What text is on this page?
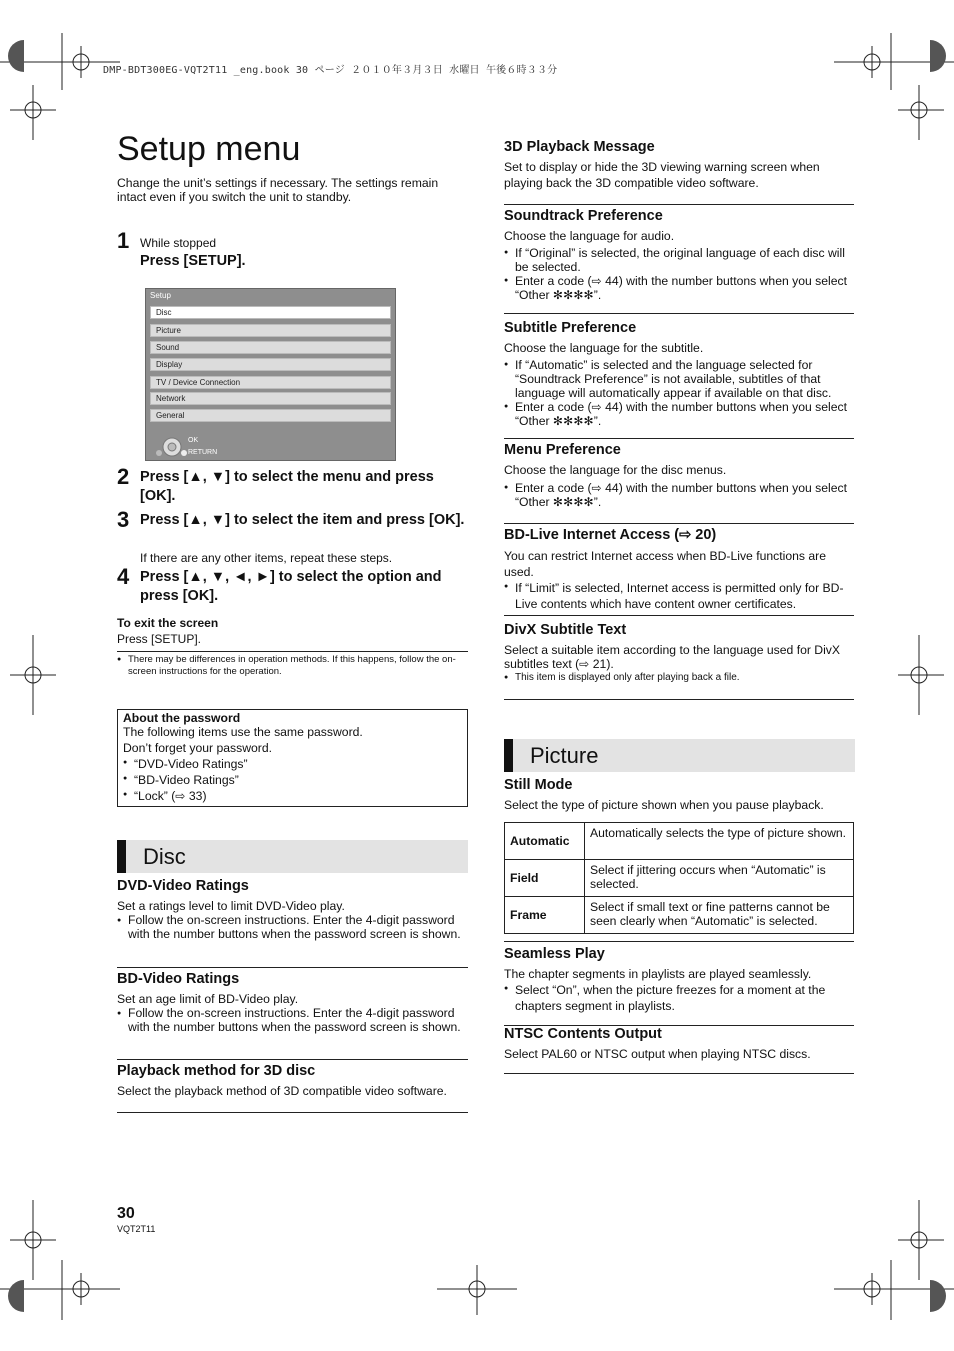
DMP-BDT300EG-VQT2T11 _eng.book 30 ページ ２０１０年３月３日 水曜日 午後６時３３分
Setup menu
Change the unit’s settings if necessary. The settings remain intact even if you switch the unit to standby.
1 While stopped
Press [SETUP].
Setup
Disc
Picture
Sound
Display
TV / Device Connection
Network
General
OK
RETURN
2 Press [▲, ▼] to select the menu and press [OK].
3 Press [▲, ▼] to select the item and press [OK].
If there are any other items, repeat these steps.
4 Press [▲, ▼, ◄, ►] to select the option and press [OK].
To exit the screen
Press [SETUP].
● There may be differences in operation methods. If this happens, follow the on-screen instructions for the operation.
About the password
The following items use the same password.
Don’t forget your password.
● “DVD-Video Ratings”
● “BD-Video Ratings”
● “Lock” (⇨ 33)
Disc
DVD-Video Ratings
Set a ratings level to limit DVD-Video play.
● Follow the on-screen instructions. Enter the 4-digit password with the number buttons when the password screen is shown.
BD-Video Ratings
Set an age limit of BD-Video play.
● Follow the on-screen instructions. Enter the 4-digit password with the number buttons when the password screen is shown.
Playback method for 3D disc
Select the playback method of 3D compatible video software.
3D Playback Message
Set to display or hide the 3D viewing warning screen when playing back the 3D compatible video software.
Soundtrack Preference
Choose the language for audio.
● If “Original” is selected, the original language of each disc will be selected.
● Enter a code (⇨ 44) with the number buttons when you select “Other ✻✻✻✻”.
Subtitle Preference
Choose the language for the subtitle.
● If “Automatic” is selected and the language selected for “Soundtrack Preference” is not available, subtitles of that language will automatically appear if available on that disc.
● Enter a code (⇨ 44) with the number buttons when you select “Other ✻✻✻✻”.
Menu Preference
Choose the language for the disc menus.
● Enter a code (⇨ 44) with the number buttons when you select “Other ✻✻✻✻”.
BD-Live Internet Access (⇨ 20)
You can restrict Internet access when BD-Live functions are used.
● If “Limit” is selected, Internet access is permitted only for BD-Live contents which have content owner certificates.
DivX Subtitle Text
Select a suitable item according to the language used for DivX subtitles text (⇨ 21).
● This item is displayed only after playing back a file.
Picture
Still Mode
Select the type of picture shown when you pause playback.
Automatic	Automatically selects the type of picture shown.
Field	Select if jittering occurs when “Automatic” is selected.
Frame	Select if small text or fine patterns cannot be seen clearly when “Automatic” is selected.
Seamless Play
The chapter segments in playlists are played seamlessly.
● Select “On”, when the picture freezes for a moment at the chapters segment in playlists.
NTSC Contents Output
Select PAL60 or NTSC output when playing NTSC discs.
30
VQT2T11
